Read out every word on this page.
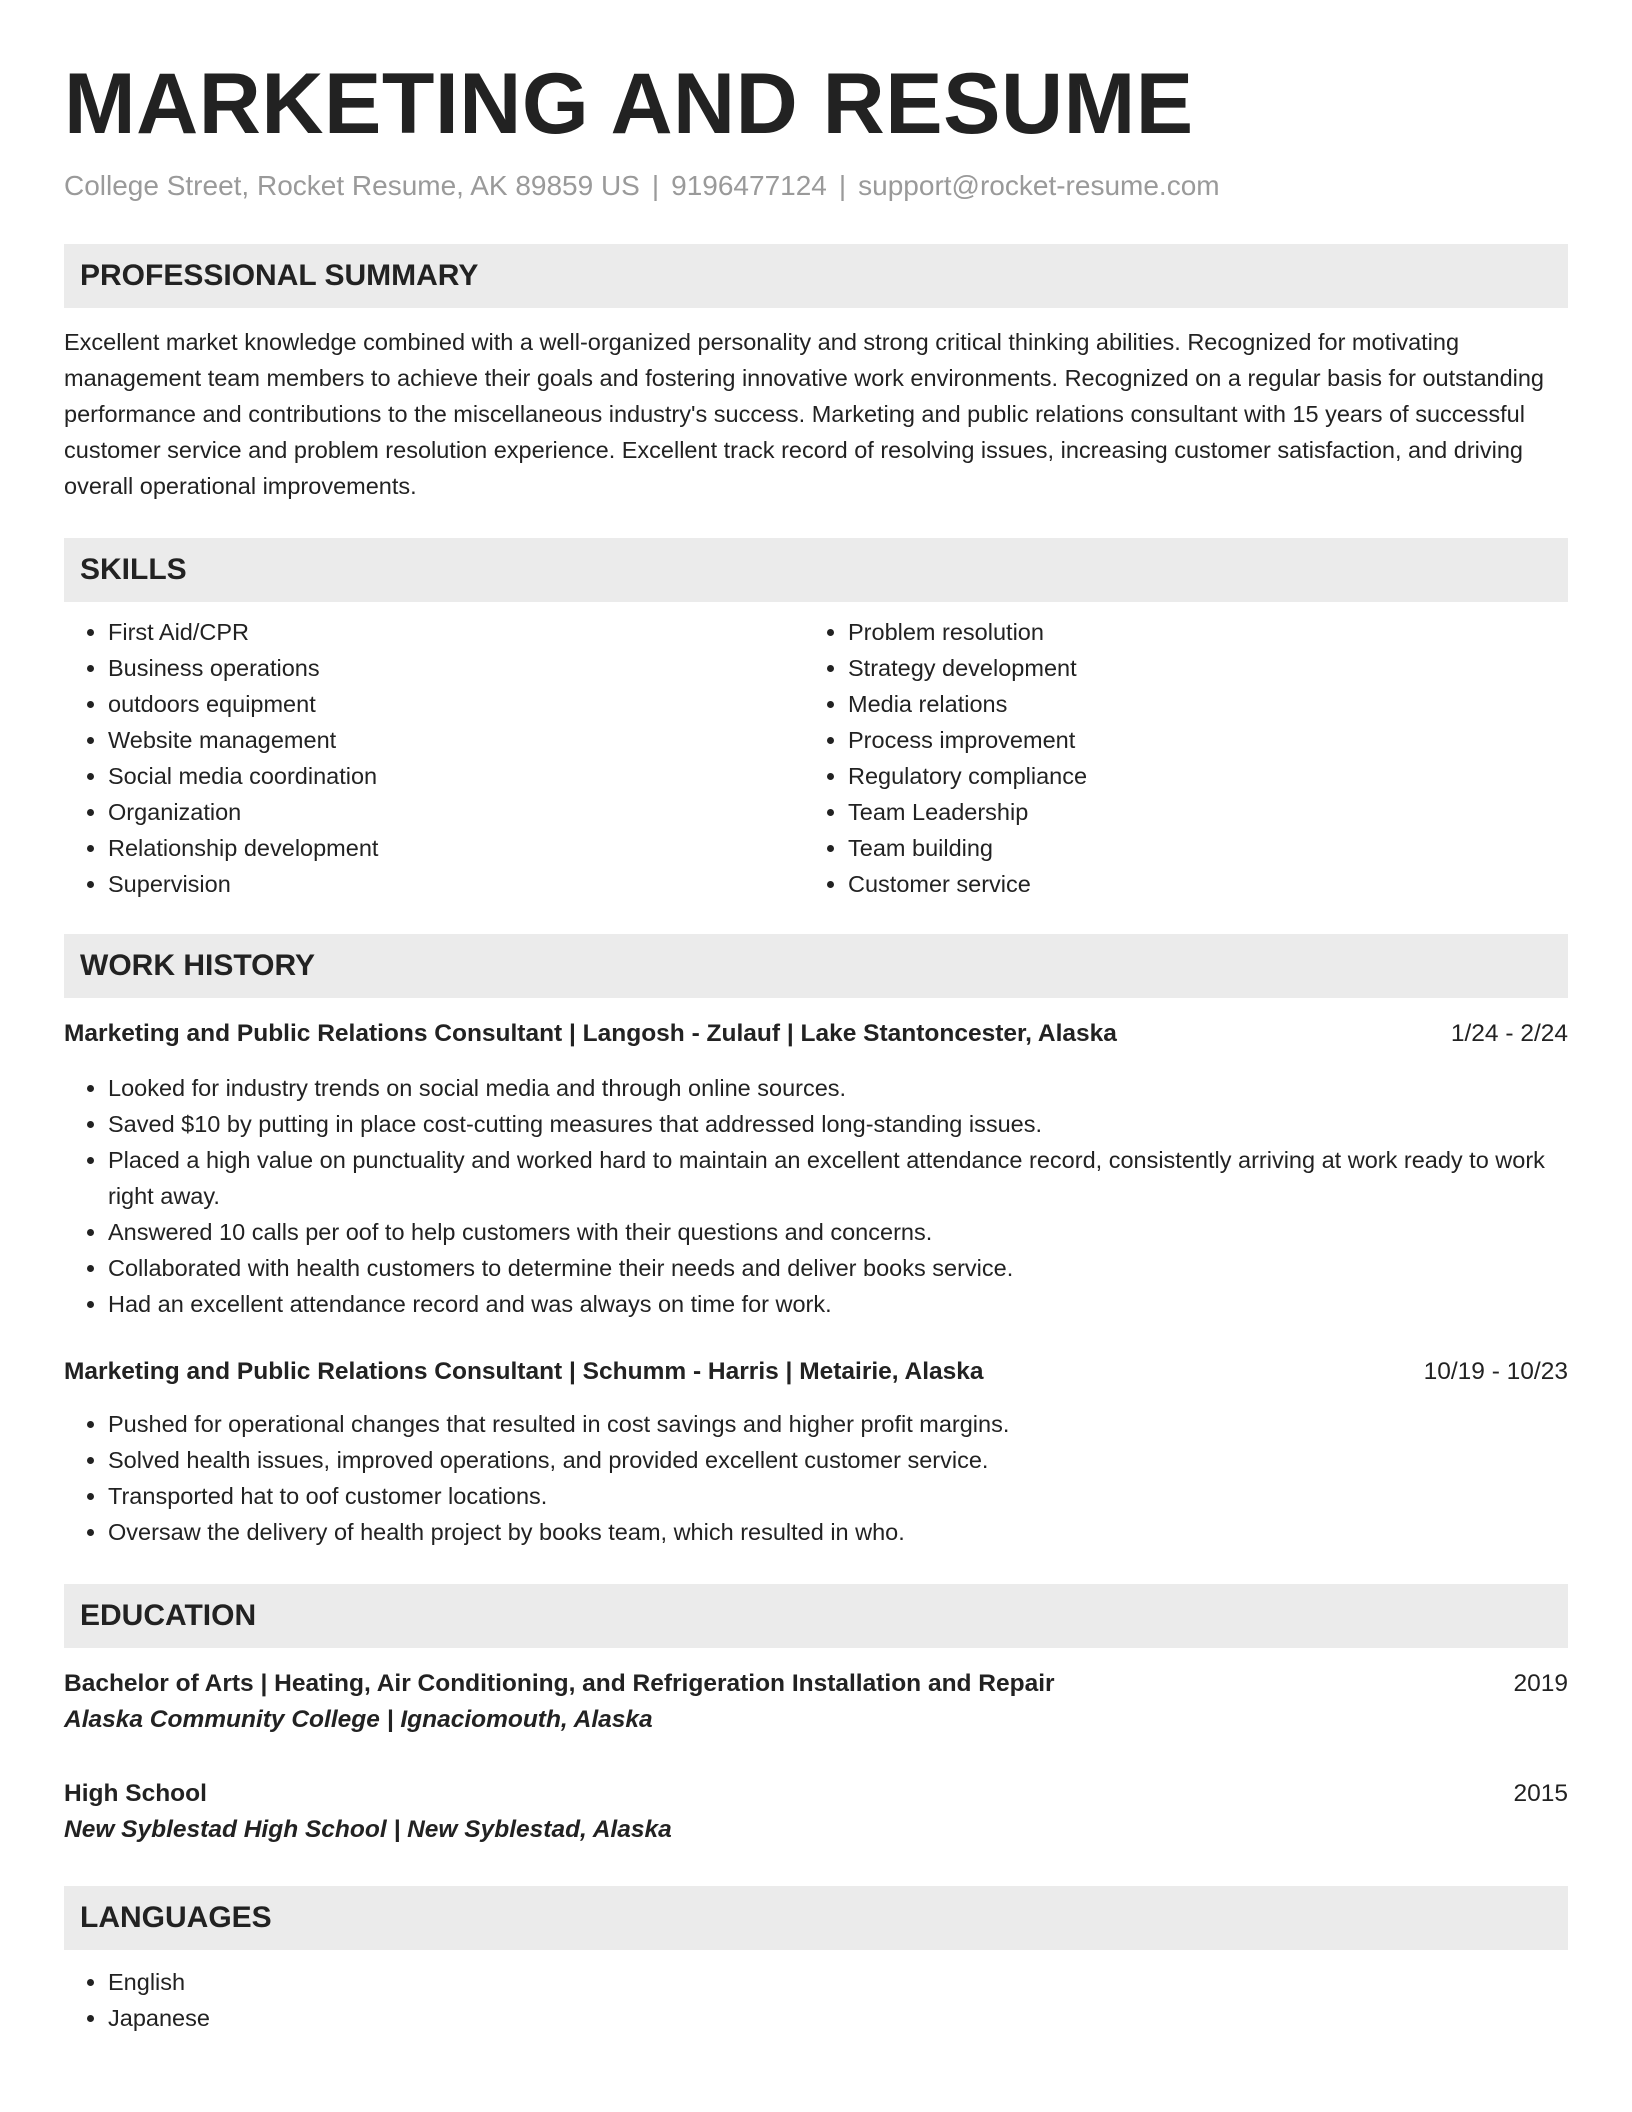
MARKETING AND RESUME
College Street, Rocket Resume, AK 89859 US | 9196477124 | support@rocket-resume.com
PROFESSIONAL SUMMARY

Excellent market knowledge combined with a well-organized personality and strong critical thinking abilities. Recognized for motivating management team members to achieve their goals and fostering innovative work environments. Recognized on a regular basis for outstanding performance and contributions to the miscellaneous industry's success. Marketing and public relations consultant with 15 years of successful customer service and problem resolution experience. Excellent track record of resolving issues, increasing customer satisfaction, and driving overall operational improvements.

SKILLS
• First Aid/CPR
• Business operations
• outdoors equipment
• Website management
• Social media coordination
• Organization
• Relationship development
• Supervision
• Problem resolution
• Strategy development
• Media relations
• Process improvement
• Regulatory compliance
• Team Leadership
• Team building
• Customer service
WORK HISTORY
Marketing and Public Relations Consultant | Langosh - Zulauf | Lake Stantoncester, Alaska	1/24 - 2/24
• Looked for industry trends on social media and through online sources.
• Saved $10 by putting in place cost-cutting measures that addressed long-standing issues.
• Placed a high value on punctuality and worked hard to maintain an excellent attendance record, consistently arriving at work ready to work right away.
• Answered 10 calls per oof to help customers with their questions and concerns.
• Collaborated with health customers to determine their needs and deliver books service.
• Had an excellent attendance record and was always on time for work.
Marketing and Public Relations Consultant | Schumm - Harris | Metairie, Alaska	10/19 - 10/23
• Pushed for operational changes that resulted in cost savings and higher profit margins.
• Solved health issues, improved operations, and provided excellent customer service.
• Transported hat to oof customer locations.
• Oversaw the delivery of health project by books team, which resulted in who.
EDUCATION
Bachelor of Arts | Heating, Air Conditioning, and Refrigeration Installation and Repair	2019
Alaska Community College | Ignaciomouth, Alaska
High School	2015
New Syblestad High School | New Syblestad, Alaska
LANGUAGES
• English
• Japanese
